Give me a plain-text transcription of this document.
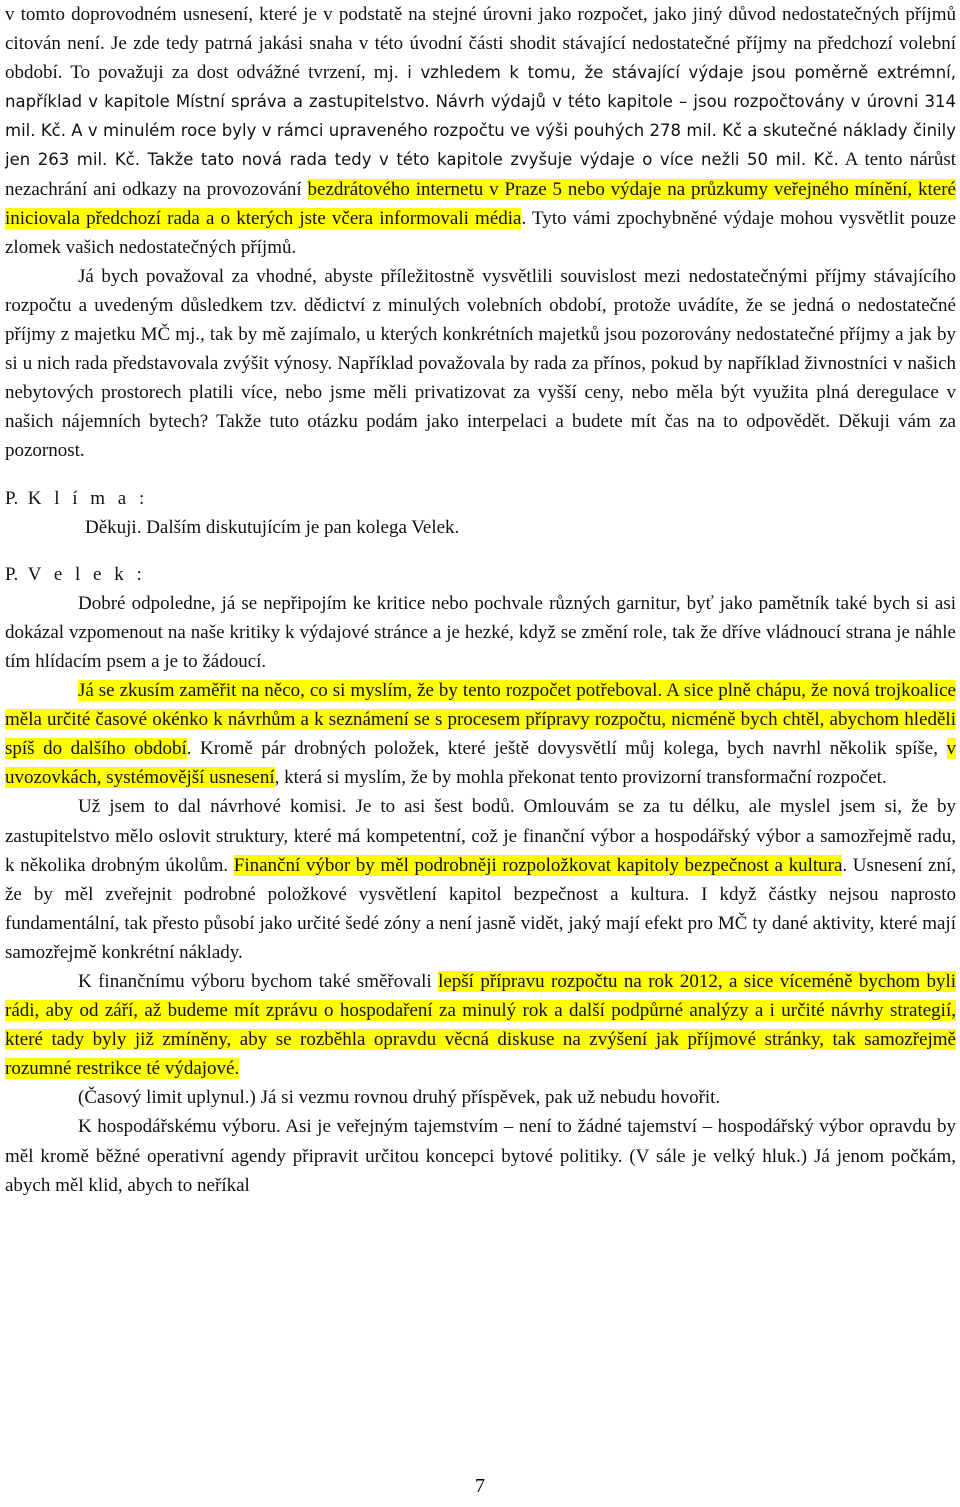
v tomto doprovodném usnesení, které je v podstatě na stejné úrovni jako rozpočet, jako jiný důvod nedostatečných příjmů citován není. Je zde tedy patrná jakási snaha v této úvodní části shodit stávající nedostatečné příjmy na předchozí volební období. To považuji za dost odvážné tvrzení, mj. i vzhledem k tomu, že stávající výdaje jsou poměrně extrémní, například v kapitole Místní správa a zastupitelstvo. Návrh výdajů v této kapitole – jsou rozpočtovány v úrovni 314 mil. Kč. A v minulém roce byly v rámci upraveného rozpočtu ve výši pouhých 278 mil. Kč a skutečné náklady činily jen 263 mil. Kč. Takže tato nová rada tedy v této kapitole zvyšuje výdaje o více nežli 50 mil. Kč. A tento nárůst nezachrání ani odkazy na provozování bezdrátového internetu v Praze 5 nebo výdaje na průzkumy veřejného mínění, které iniciovala předchozí rada a o kterých jste včera informovali média. Tyto vámi zpochybněné výdaje mohou vysvětlit pouze zlomek vašich nedostatečných příjmů.

Já bych považoval za vhodné, abyste příležitostně vysvětlili souvislost mezi nedostatečnými příjmy stávajícího rozpočtu a uvedeným důsledkem tzv. dědictví z minulých volebních období, protože uvádíte, že se jedná o nedostatečné příjmy z majetku MČ mj., tak by mě zajímalo, u kterých konkrétních majetků jsou pozorovány nedostatečné příjmy a jak by si u nich rada představovala zvýšit výnosy. Například považovala by rada za přínos, pokud by například živnostníci v našich nebytových prostorech platili více, nebo jsme měli privatizovat za vyšší ceny, nebo měla být využita plná deregulace v našich nájemních bytech? Takže tuto otázku podám jako interpelaci a budete mít čas na to odpovědět. Děkuji vám za pozornost.

P. K l í m a :

Děkuji. Dalším diskutujícím je pan kolega Velek.

P. V e l e k :

Dobré odpoledne, já se nepřipojím ke kritice nebo pochvale různých garnitur, byť jako pamětník také bych si asi dokázal vzpomenout na naše kritiky k výdajové stránce a je hezké, když se změní role, tak že dříve vládnoucí strana je náhle tím hlídacím psem a je to žádoucí.

Já se zkusím zaměřit na něco, co si myslím, že by tento rozpočet potřeboval. A sice plně chápu, že nová trojkoalice měla určité časové okénko k návrhům a k seznámení se s procesem přípravy rozpočtu, nicméně bych chtěl, abychom hleděli spíš do dalšího období. Kromě pár drobných položek, které ještě dovysvětlí můj kolega, bych navrhl několik spíše, v uvozovkách, systémovější usnesení, která si myslím, že by mohla překonat tento provizorní transformační rozpočet.

Už jsem to dal návrhové komisi. Je to asi šest bodů. Omlouvám se za tu délku, ale myslel jsem si, že by zastupitelstvo mělo oslovit struktury, které má kompetentní, což je finanční výbor a hospodářský výbor a samozřejmě radu, k několika drobným úkolům. Finanční výbor by měl podrobněji rozpoložkovat kapitoly bezpečnost a kultura. Usnesení zní, že by měl zveřejnit podrobné položkové vysvětlení kapitol bezpečnost a kultura. I když částky nejsou naprosto fundamentální, tak přesto působí jako určité šedé zóny a není jasně vidět, jaký mají efekt pro MČ ty dané aktivity, které mají samozřejmě konkrétní náklady.

K finančnímu výboru bychom také směřovali lepší přípravu rozpočtu na rok 2012, a sice víceméně bychom byli rádi, aby od září, až budeme mít zprávu o hospodaření za minulý rok a další podpůrné analýzy a i určité návrhy strategií, které tady byly již zmíněny, aby se rozběhla opravdu věcná diskuse na zvýšení jak příjmové stránky, tak samozřejmě rozumné restrikce té výdajové.

(Časový limit uplynul.) Já si vezmu rovnou druhý příspěvek, pak už nebudu hovořit.

K hospodářskému výboru. Asi je veřejným tajemstvím – není to žádné tajemství – hospodářský výbor opravdu by měl kromě běžné operativní agendy připravit určitou koncepci bytové politiky. (V sále je velký hluk.) Já jenom počkám, abych měl klid, abych to neříkal

7
